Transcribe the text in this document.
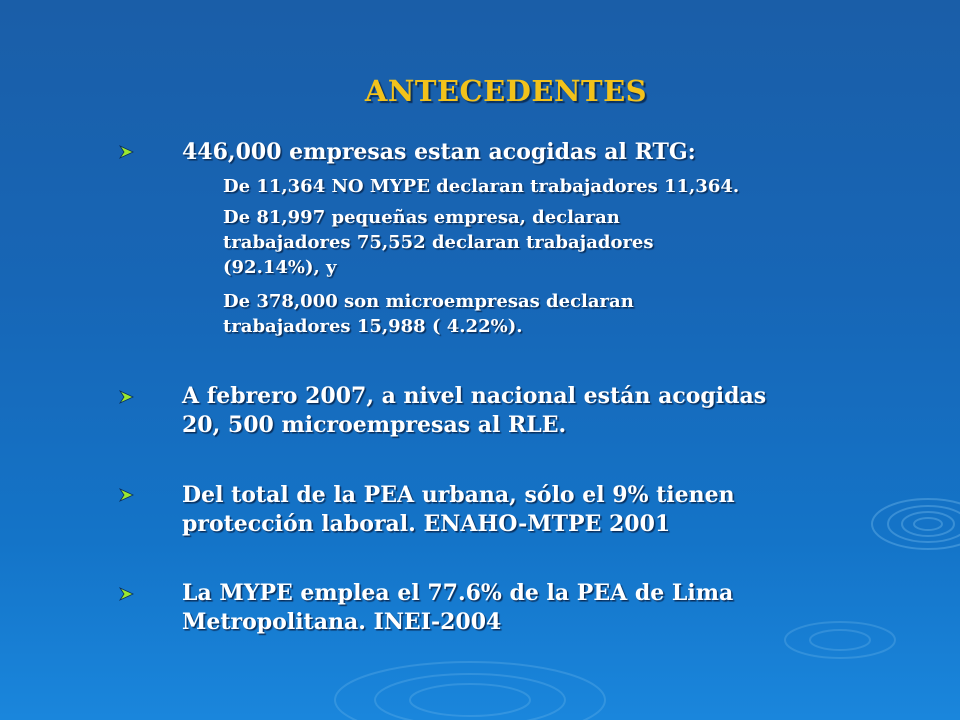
ANTECEDENTES
446,000 empresas estan acogidas al RTG:
De 11,364 NO MYPE declaran trabajadores 11,364.
De 81,997 pequeñas empresa, declaran
trabajadores 75,552 declaran trabajadores
(92.14%), y
De 378,000 son microempresas declaran
trabajadores 15,988 ( 4.22%).
A febrero 2007, a nivel nacional están acogidas
20, 500 microempresas al RLE.
Del total de la PEA urbana, sólo el 9% tienen
protección laboral. ENAHO-MTPE 2001
La MYPE emplea el 77.6% de la PEA de Lima
Metropolitana. INEI-2004
